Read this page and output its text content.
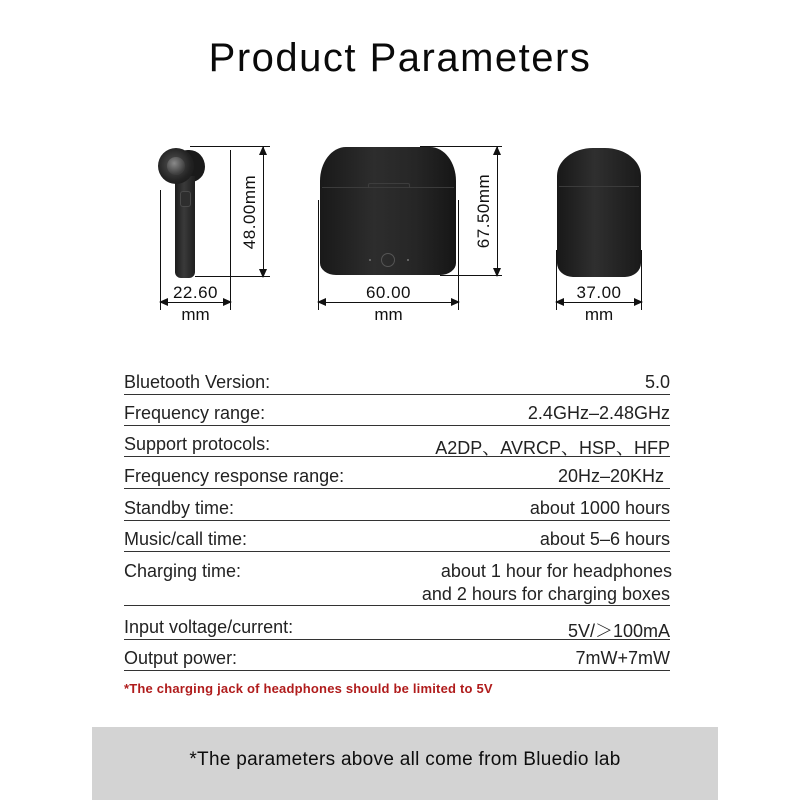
Product Parameters
22.60
mm
48.00mm
60.00
mm
67.50mm
37.00
mm
Bluetooth Version:	5.0
Frequency range:	2.4GHz–2.48GHz
Support protocols:	A2DP、AVRCP、HSP、HFP
Frequency response range:	20Hz–20KHz
Standby time:	about 1000 hours
Music/call time:	about 5–6 hours
Charging time:	about 1 hour for headphones
and 2 hours for charging boxes
Input voltage/current:	5V/＞100mA
Output power:	7mW+7mW
*The charging jack of headphones should be limited to 5V
*The parameters above all come from Bluedio lab
